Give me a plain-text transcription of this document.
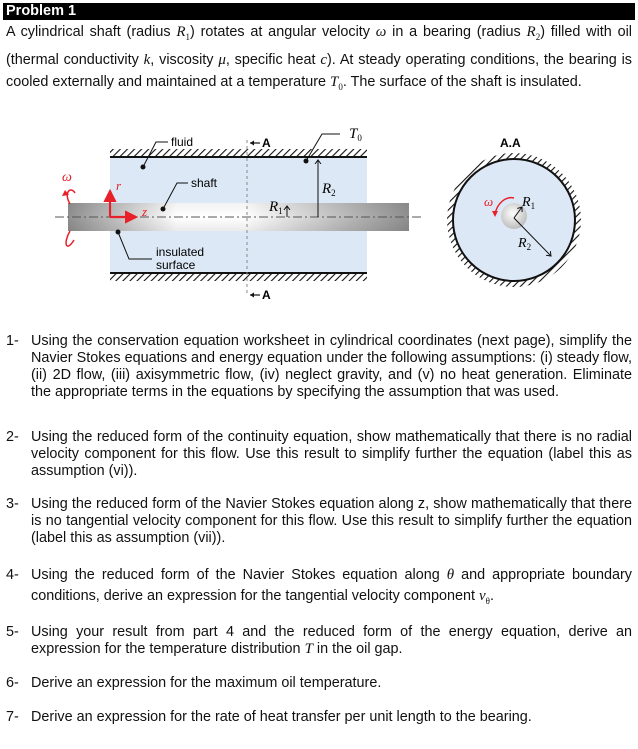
Problem 1
A cylindrical shaft (radius $R_1$) rotates at angular velocity ω in a bearing (radius $R_2$) filled with oil (thermal conductivity k, viscosity μ, specific heat c). At steady operating conditions, the bearing is cooled externally and maintained at a temperature $T_0$. The surface of the shaft is insulated.
A
A
fluid
shaft
insulated
surface
$T_0$
$R_2$
$R_1$
r
z
ω
A.A
$R_1$
$R_2$
ω
1- Using the conservation equation worksheet in cylindrical coordinates (next page), simplify the Navier Stokes equations and energy equation under the following assumptions: (i) steady flow, (ii) 2D flow, (iii) axisymmetric flow, (iv) neglect gravity, and (v) no heat generation. Eliminate the appropriate terms in the equations by specifying the assumption that was used.
2- Using the reduced form of the continuity equation, show mathematically that there is no radial velocity component for this flow. Use this result to simplify further the equation (label this as assumption (vi)).
3- Using the reduced form of the Navier Stokes equation along z, show mathematically that there is no tangential velocity component for this flow. Use this result to simplify further the equation (label this as assumption (vii)).
4- Using the reduced form of the Navier Stokes equation along θ and appropriate boundary conditions, derive an expression for the tangential velocity component $v_\theta$.
5- Using your result from part 4 and the reduced form of the energy equation, derive an expression for the temperature distribution T in the oil gap.
6- Derive an expression for the maximum oil temperature.
7- Derive an expression for the rate of heat transfer per unit length to the bearing.
